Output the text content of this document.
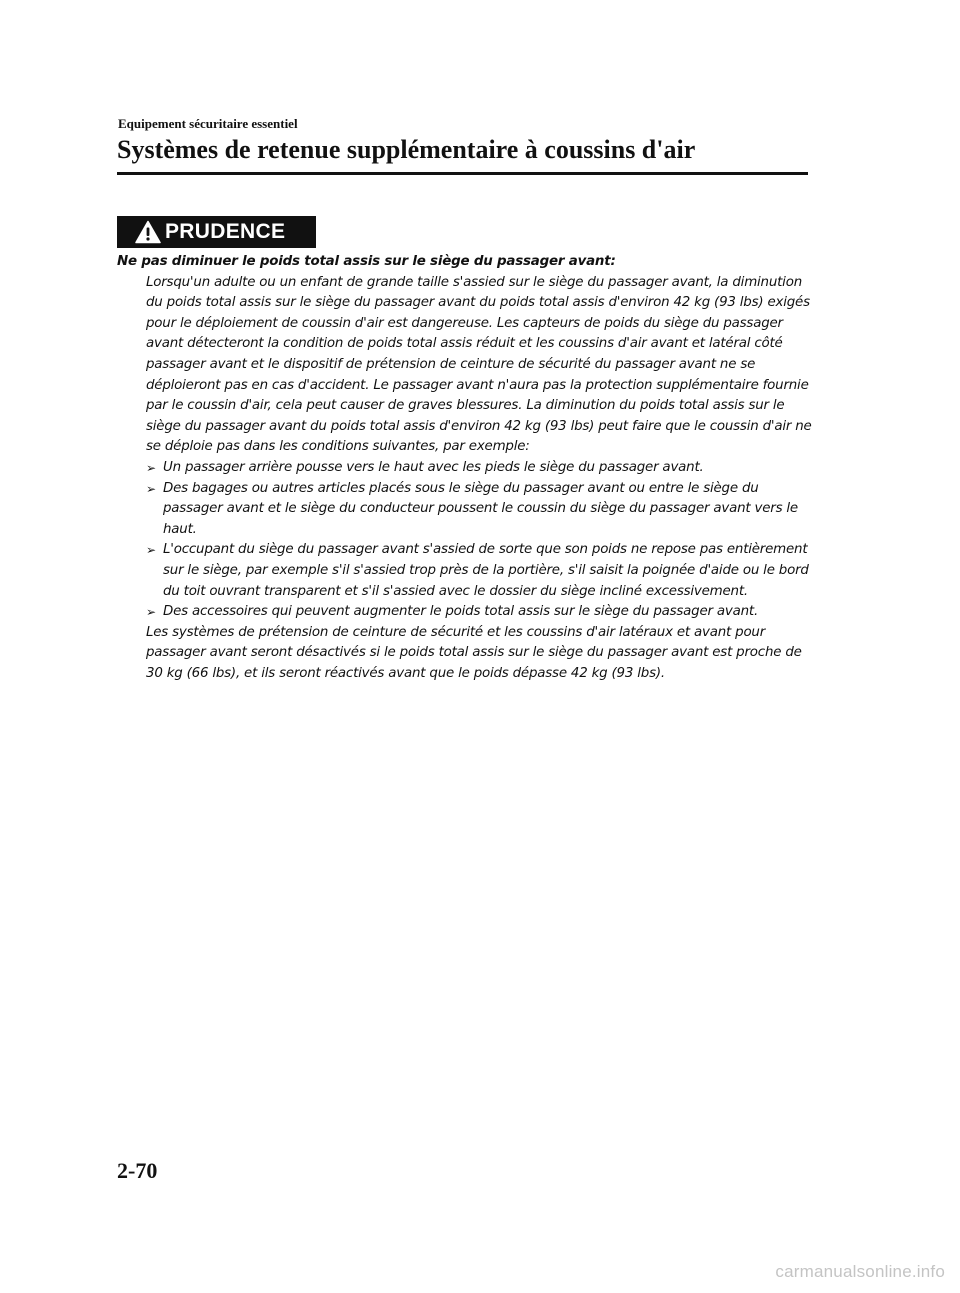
Equipement sécuritaire essentiel
Systèmes de retenue supplémentaire à coussins d'air
PRUDENCE

Ne pas diminuer le poids total assis sur le siège du passager avant:

Lorsqu'un adulte ou un enfant de grande taille s'assied sur le siège du passager avant, la diminution du poids total assis sur le siège du passager avant du poids total assis d'environ 42 kg (93 lbs) exigés pour le déploiement de coussin d'air est dangereuse. Les capteurs de poids du siège du passager avant détecteront la condition de poids total assis réduit et les coussins d'air avant et latéral côté passager avant et le dispositif de prétension de ceinture de sécurité du passager avant ne se déploieront pas en cas d'accident. Le passager avant n'aura pas la protection supplémentaire fournie par le coussin d'air, cela peut causer de graves blessures. La diminution du poids total assis sur le siège du passager avant du poids total assis d'environ 42 kg (93 lbs) peut faire que le coussin d'air ne se déploie pas dans les conditions suivantes, par exemple:

➢ Un passager arrière pousse vers le haut avec les pieds le siège du passager avant.
➢ Des bagages ou autres articles placés sous le siège du passager avant ou entre le siège du passager avant et le siège du conducteur poussent le coussin du siège du passager avant vers le haut.
➢ L'occupant du siège du passager avant s'assied de sorte que son poids ne repose pas entièrement sur le siège, par exemple s'il s'assied trop près de la portière, s'il saisit la poignée d'aide ou le bord du toit ouvrant transparent et s'il s'assied avec le dossier du siège incliné excessivement.
➢ Des accessoires qui peuvent augmenter le poids total assis sur le siège du passager avant.

Les systèmes de prétension de ceinture de sécurité et les coussins d'air latéraux et avant pour passager avant seront désactivés si le poids total assis sur le siège du passager avant est proche de 30 kg (66 lbs), et ils seront réactivés avant que le poids dépasse 42 kg (93 lbs).

2-70
carmanualsonline.info
